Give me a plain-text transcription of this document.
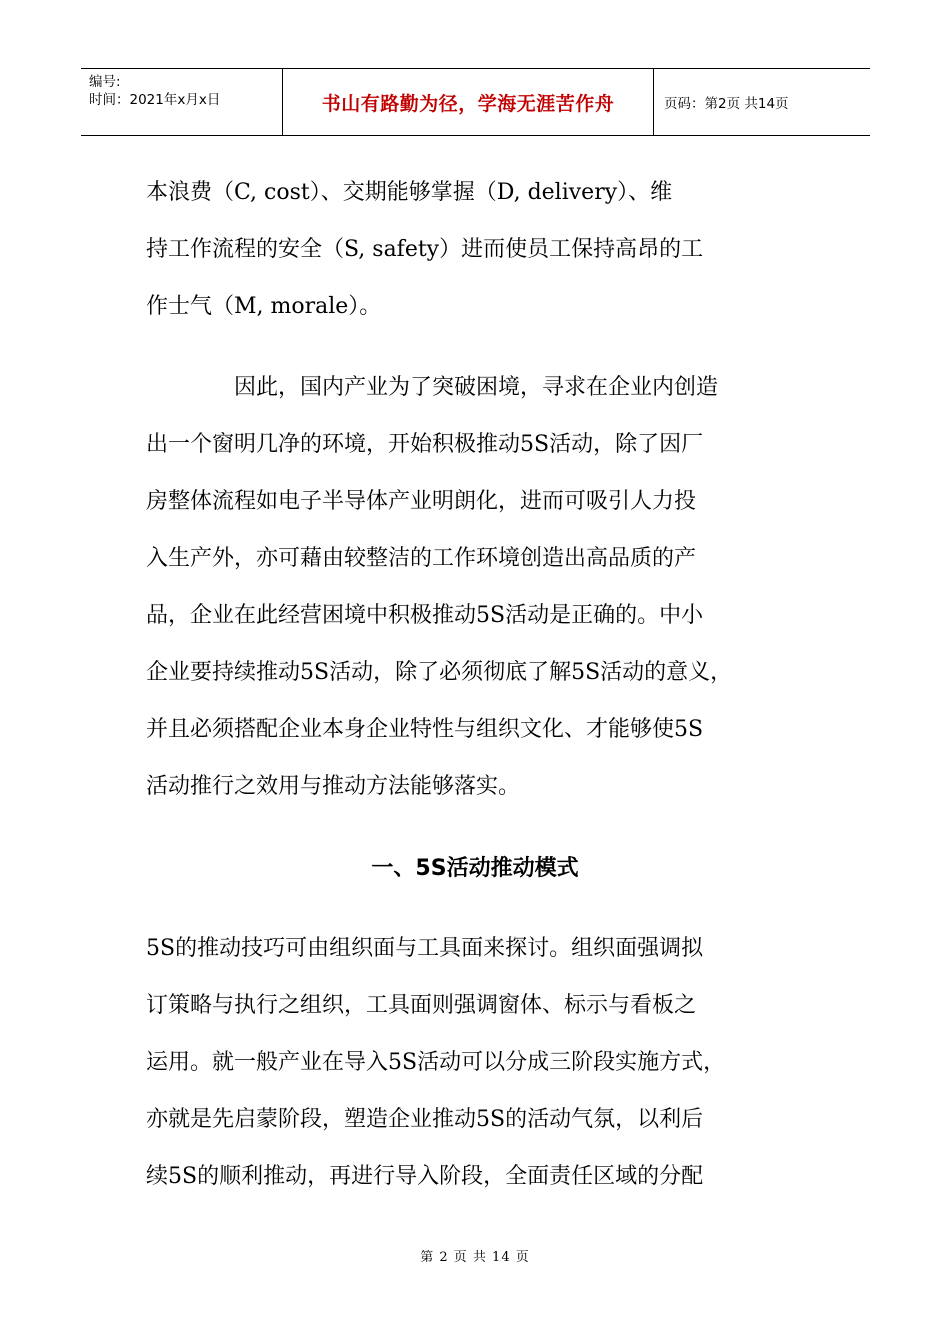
编号:
时间：2021年x月x日	书山有路勤为径，学海无涯苦作舟	页码：第2页 共14页
本浪费（C, cost）、交期能够掌握（D, delivery）、维
持工作流程的安全（S, safety）进而使员工保持高昂的工
作士气（M, morale）。
因此，国内产业为了突破困境，寻求在企业内创造
出一个窗明几净的环境，开始积极推动5S活动，除了因厂
房整体流程如电子半导体产业明朗化，进而可吸引人力投
入生产外，亦可藉由较整洁的工作环境创造出高品质的产
品，企业在此经营困境中积极推动5S活动是正确的。中小
企业要持续推动5S活动，除了必须彻底了解5S活动的意义，
并且必须搭配企业本身企业特性与组织文化、才能够使5S
活动推行之效用与推动方法能够落实。
一、5S活动推动模式
5S的推动技巧可由组织面与工具面来探讨。组织面强调拟
订策略与执行之组织，工具面则强调窗体、标示与看板之
运用。就一般产业在导入5S活动可以分成三阶段实施方式，
亦就是先启蒙阶段，塑造企业推动5S的活动气氛，以利后
续5S的顺利推动，再进行导入阶段，全面责任区域的分配
第 2 页 共 14 页
